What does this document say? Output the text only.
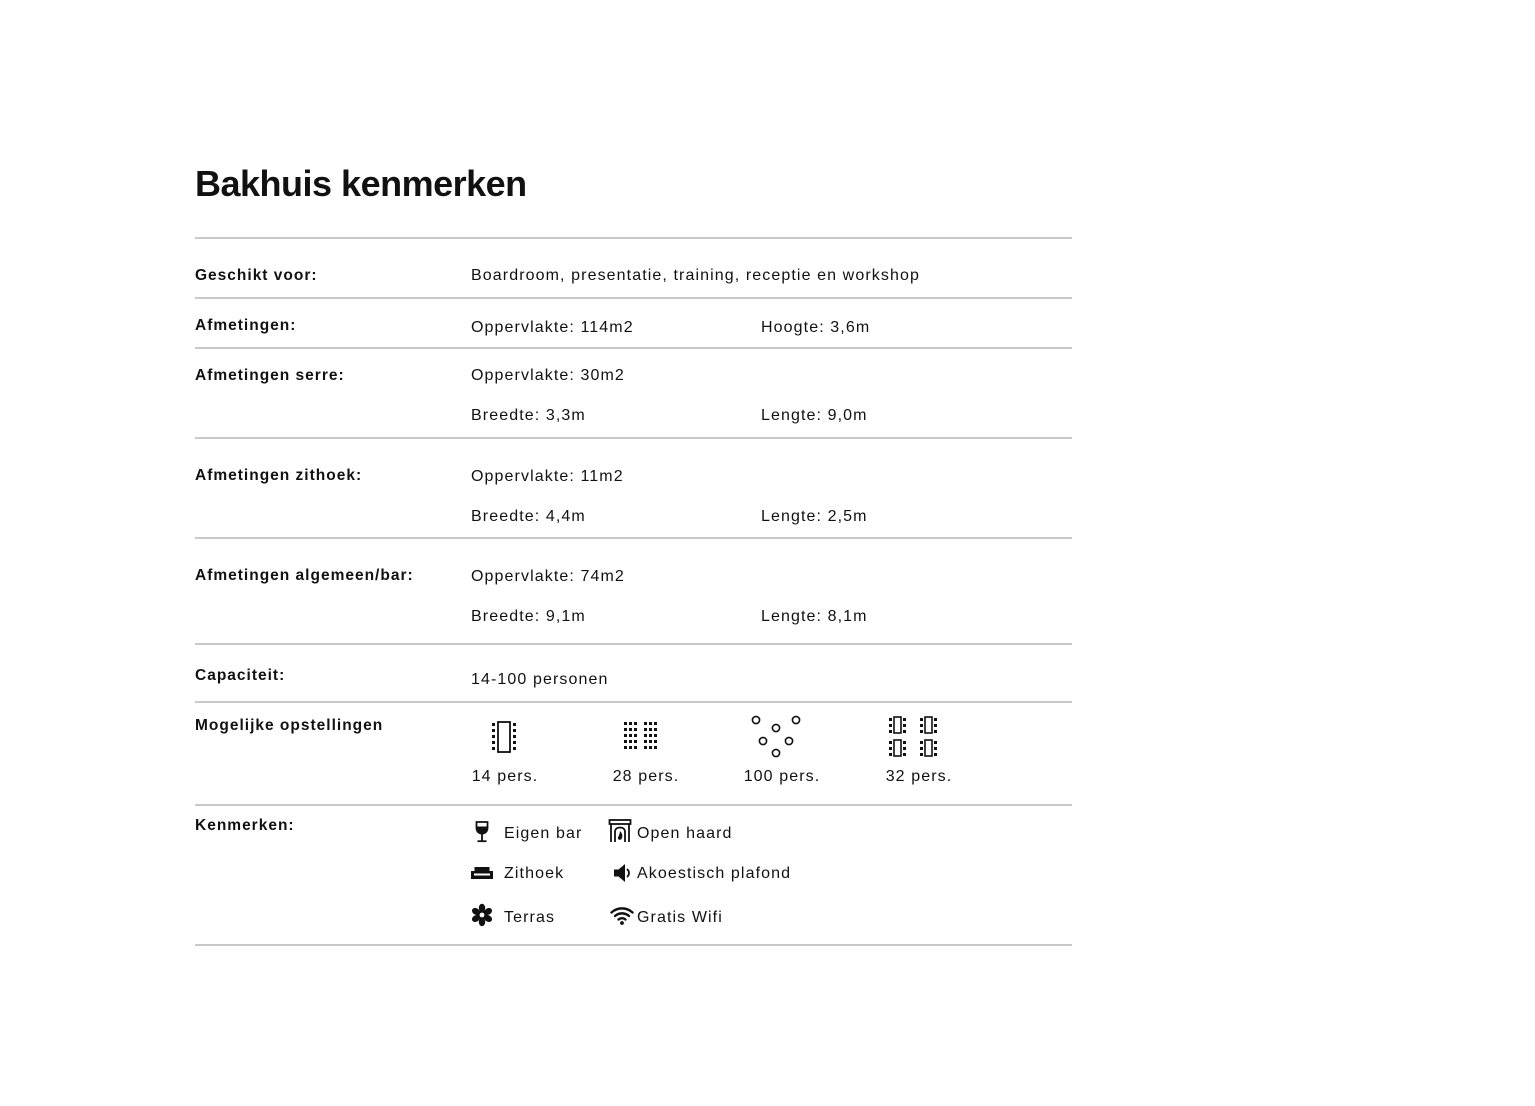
Bakhuis kenmerken
Geschikt voor:	Boardroom, presentatie, training, receptie en workshop
Afmetingen:	Oppervlakte: 114m2	Hoogte: 3,6m
Afmetingen serre:	Oppervlakte: 30m2
Breedte: 3,3m	Lengte: 9,0m
Afmetingen zithoek:	Oppervlakte: 11m2
Breedte: 4,4m	Lengte: 2,5m
Afmetingen algemeen/bar:	Oppervlakte: 74m2
Breedte: 9,1m	Lengte: 8,1m
Capaciteit:	14-100 personen
Mogelijke opstellingen
14 pers.	28 pers.	100 pers.	32 pers.
Kenmerken:	Eigen bar	Open haard
Zithoek	Akoestisch plafond
Terras	Gratis Wifi
